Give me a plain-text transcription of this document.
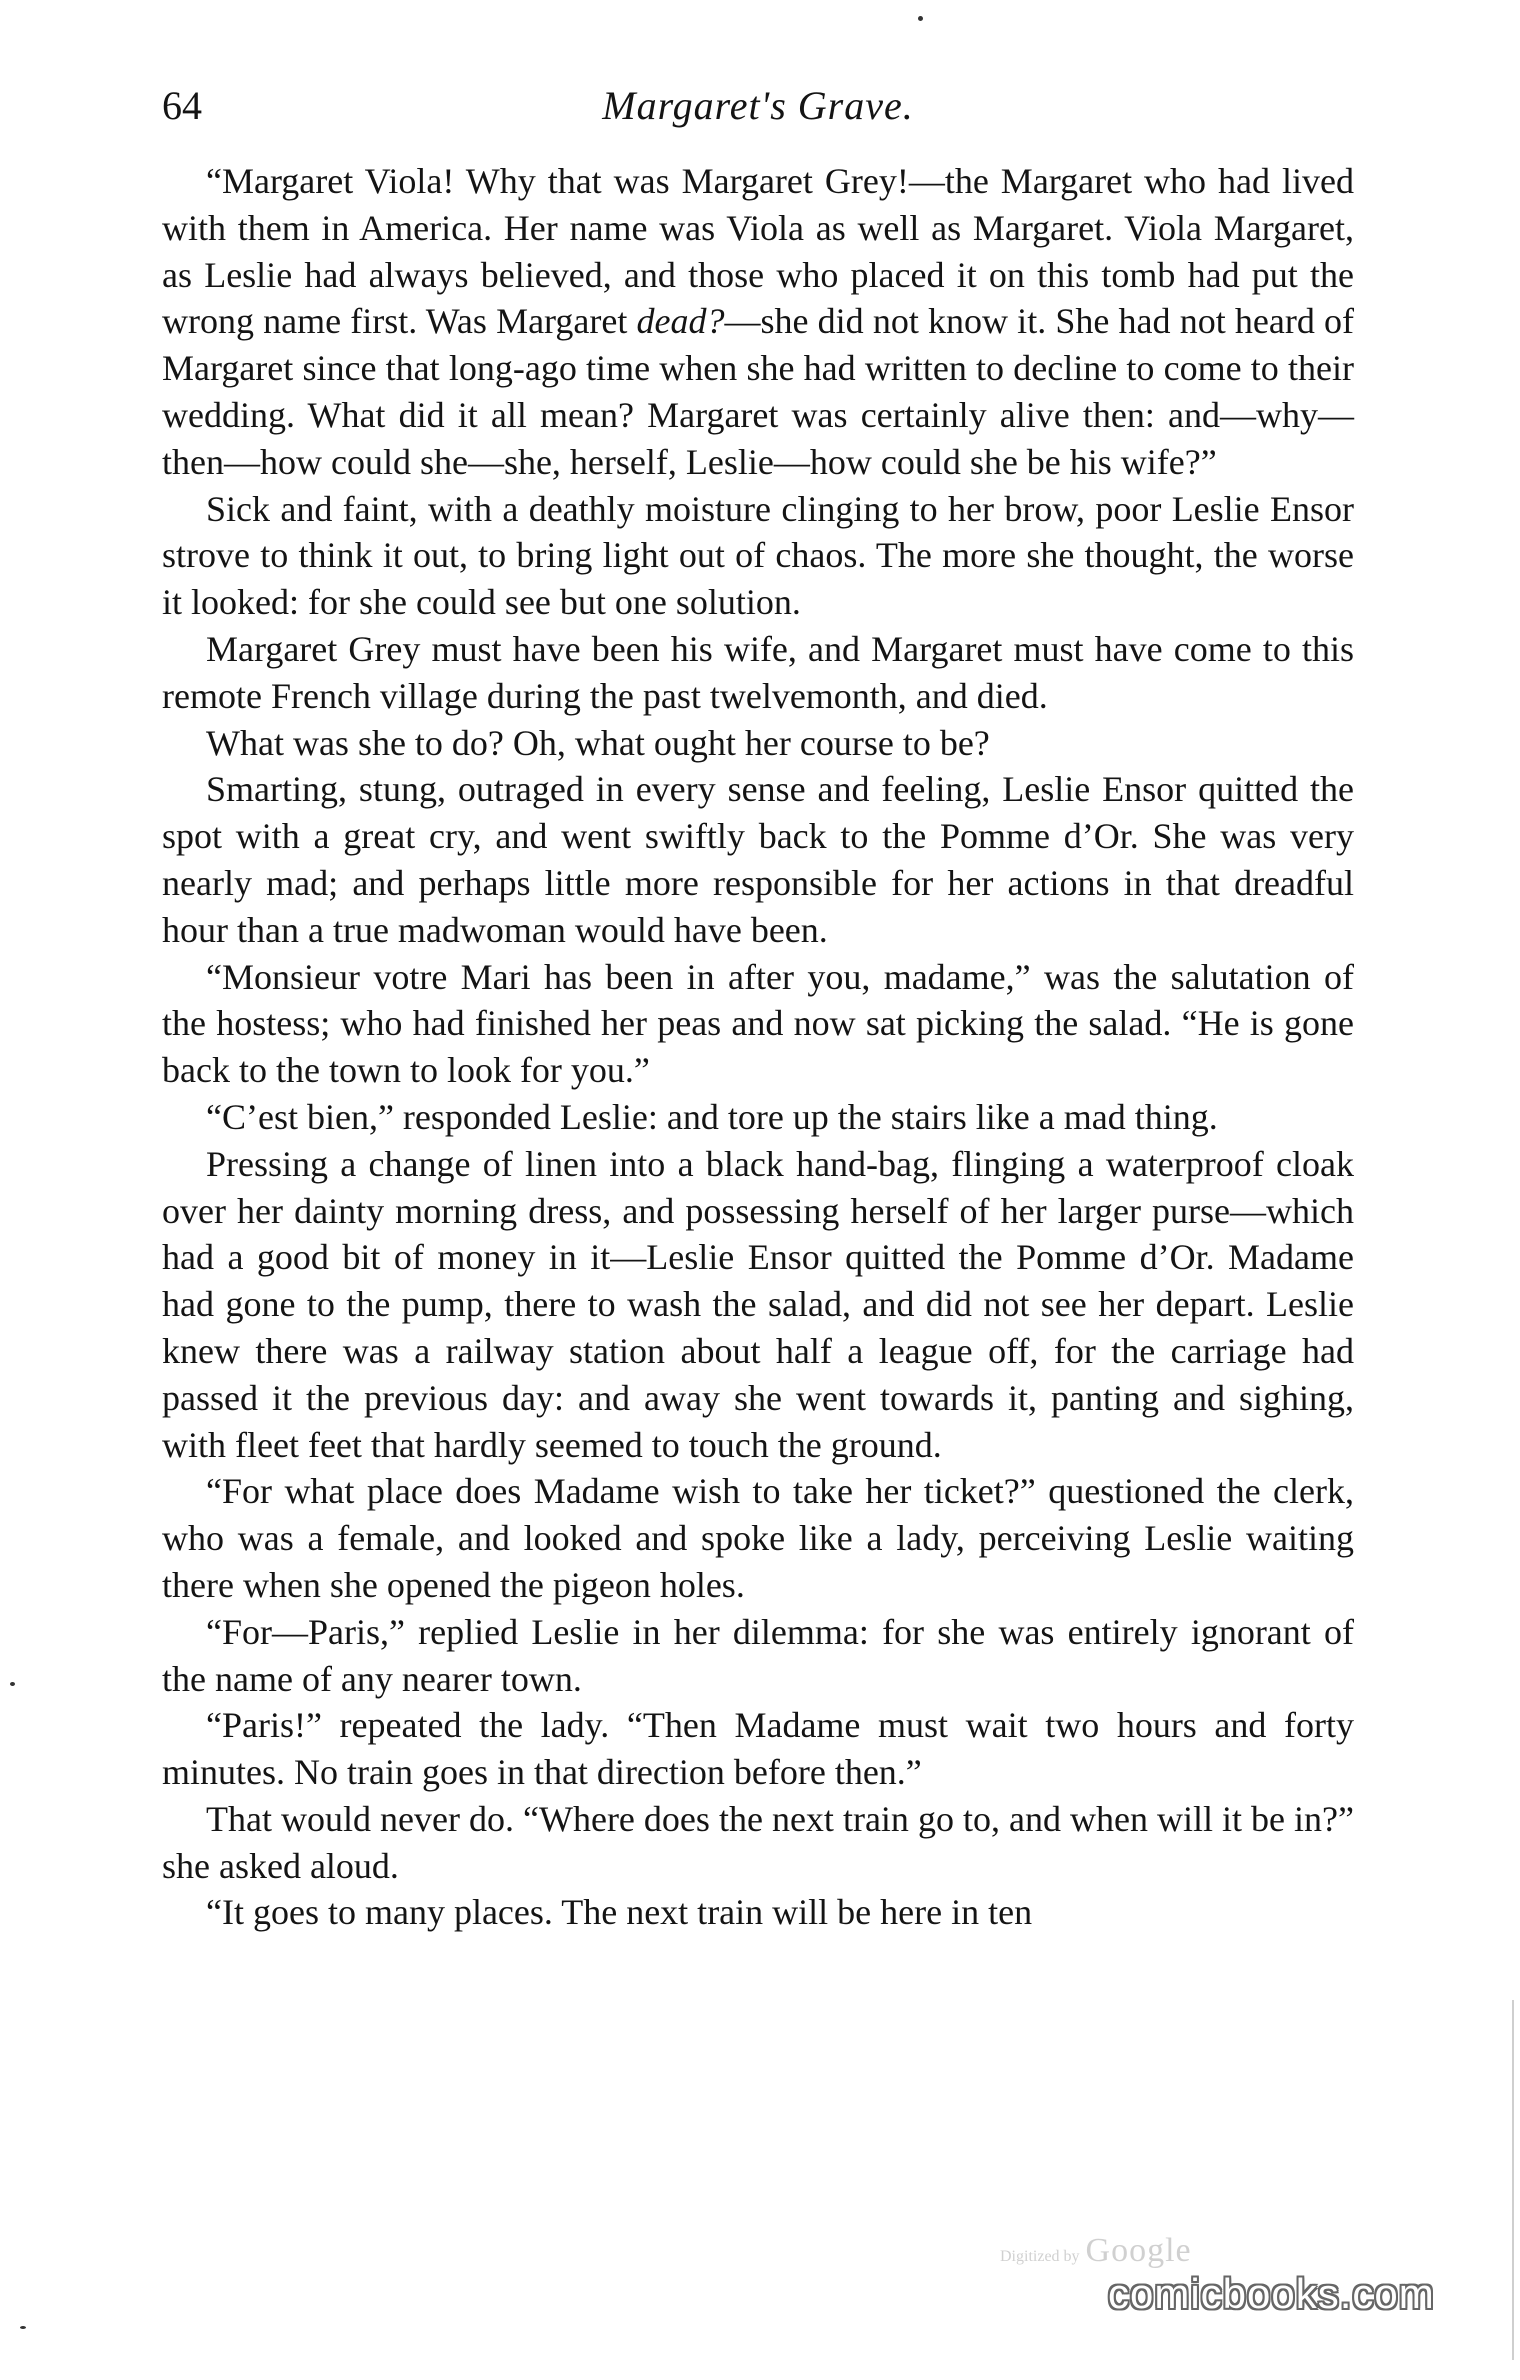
64	Margaret's Grave.

“Margaret Viola! Why that was Margaret Grey!—the Margaret who had lived with them in America. Her name was Viola as well as Margaret. Viola Margaret, as Leslie had always believed, and those who placed it on this tomb had put the wrong name first. Was Margaret dead?—she did not know it. She had not heard of Margaret since that long-ago time when she had written to decline to come to their wedding. What did it all mean? Margaret was certainly alive then: and—why—then—how could she—she, herself, Leslie—how could she be his wife?”

Sick and faint, with a deathly moisture clinging to her brow, poor Leslie Ensor strove to think it out, to bring light out of chaos. The more she thought, the worse it looked: for she could see but one solution.

Margaret Grey must have been his wife, and Margaret must have come to this remote French village during the past twelvemonth, and died.

What was she to do? Oh, what ought her course to be?

Smarting, stung, outraged in every sense and feeling, Leslie Ensor quitted the spot with a great cry, and went swiftly back to the Pomme d’Or. She was very nearly mad; and perhaps little more responsible for her actions in that dreadful hour than a true madwoman would have been.

“Monsieur votre Mari has been in after you, madame,” was the salutation of the hostess; who had finished her peas and now sat picking the salad. “He is gone back to the town to look for you.”

“C’est bien,” responded Leslie: and tore up the stairs like a mad thing.

Pressing a change of linen into a black hand-bag, flinging a waterproof cloak over her dainty morning dress, and possessing herself of her larger purse—which had a good bit of money in it—Leslie Ensor quitted the Pomme d’Or. Madame had gone to the pump, there to wash the salad, and did not see her depart. Leslie knew there was a railway station about half a league off, for the carriage had passed it the previous day: and away she went towards it, panting and sighing, with fleet feet that hardly seemed to touch the ground.

“For what place does Madame wish to take her ticket?” questioned the clerk, who was a female, and looked and spoke like a lady, perceiving Leslie waiting there when she opened the pigeon holes.

“For—Paris,” replied Leslie in her dilemma: for she was entirely ignorant of the name of any nearer town.

“Paris!” repeated the lady. “Then Madame must wait two hours and forty minutes. No train goes in that direction before then.”

That would never do. “Where does the next train go to, and when will it be in?” she asked aloud.

“It goes to many places. The next train will be here in ten

Digitized by Google
comicbooks.com
